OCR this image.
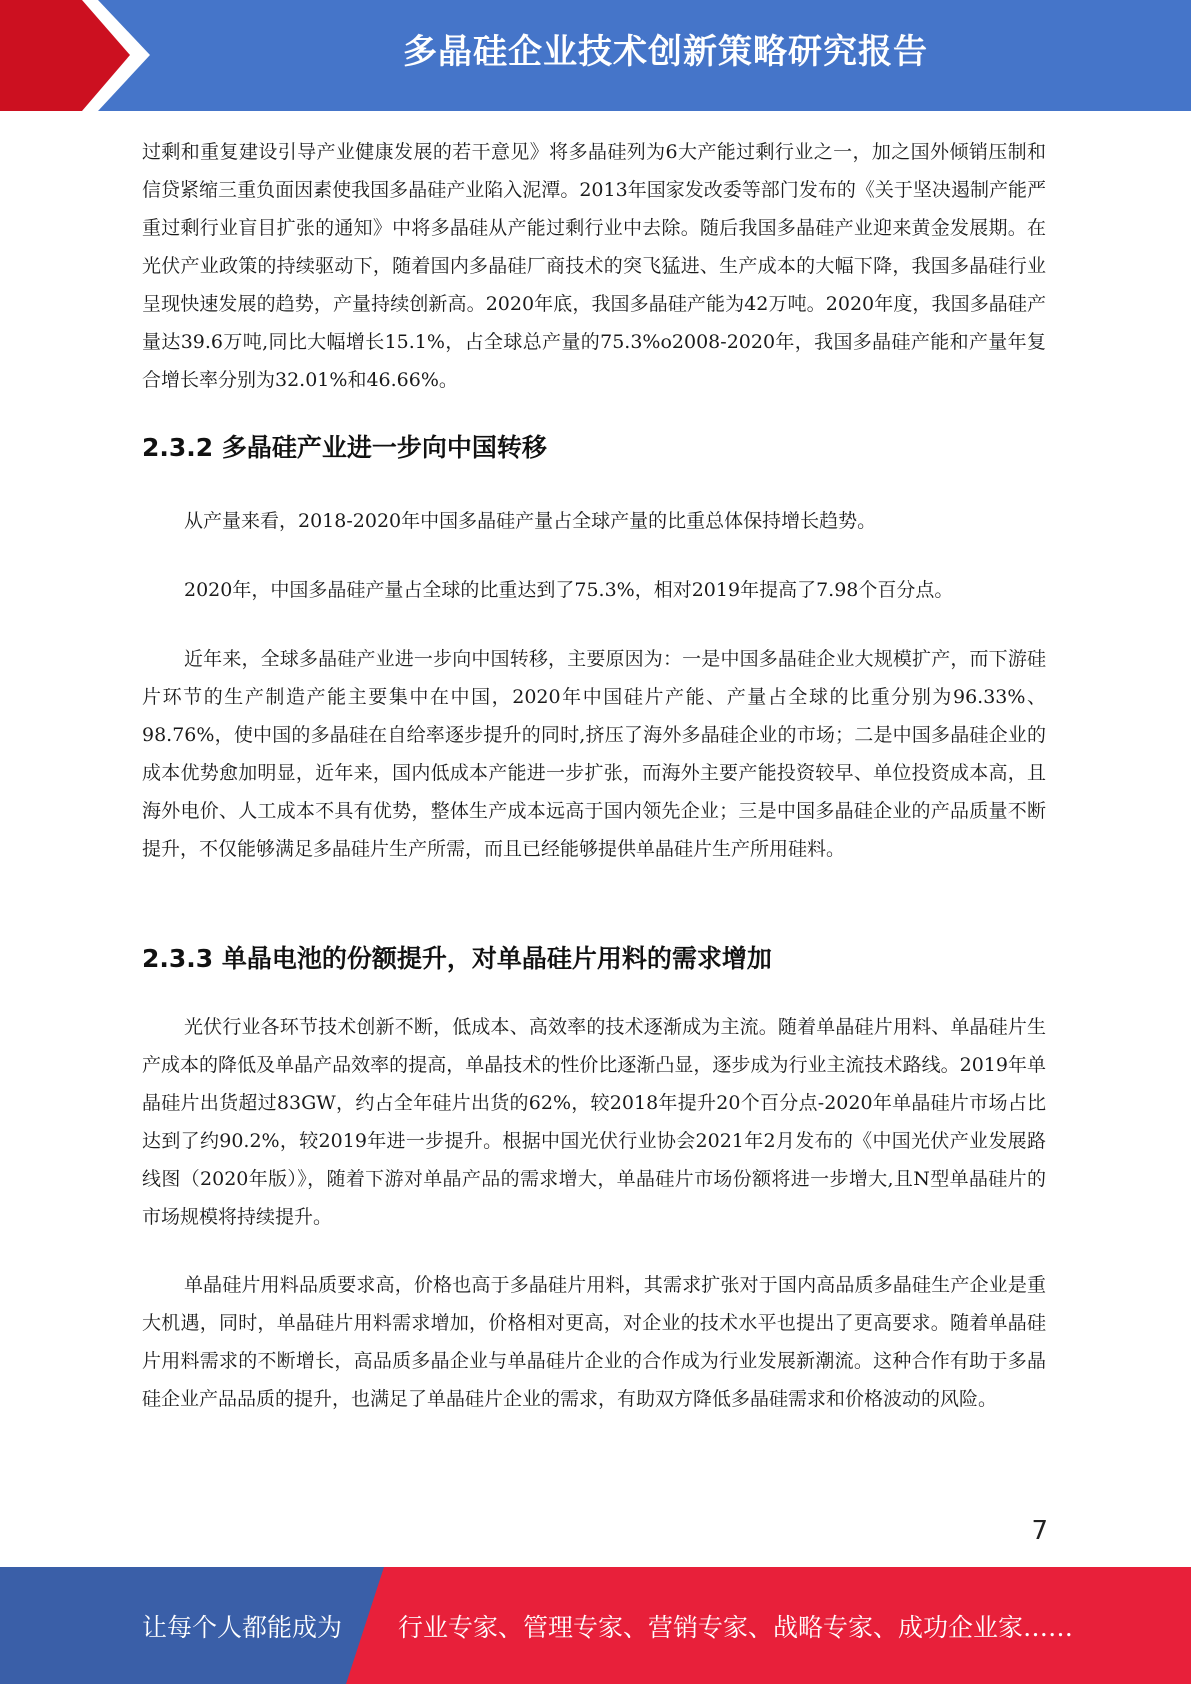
多晶硅企业技术创新策略研究报告

过剩和重复建设引导产业健康发展的若干意见》将多晶硅列为6大产能过剩行业之一，加之国外倾销压制和信贷紧缩三重负面因素使我国多晶硅产业陷入泥潭。2013年国家发改委等部门发布的《关于坚决遏制产能严重过剩行业盲目扩张的通知》中将多晶硅从产能过剩行业中去除。随后我国多晶硅产业迎来黄金发展期。在光伏产业政策的持续驱动下，随着国内多晶硅厂商技术的突飞猛进、生产成本的大幅下降，我国多晶硅行业呈现快速发展的趋势，产量持续创新高。2020年底，我国多晶硅产能为42万吨。2020年度，我国多晶硅产量达39.6万吨,同比大幅增长15.1%，占全球总产量的75.3%o2008-2020年，我国多晶硅产能和产量年复合增长率分别为32.01%和46.66%。

2.3.2 多晶硅产业进一步向中国转移

从产量来看，2018-2020年中国多晶硅产量占全球产量的比重总体保持增长趋势。

2020年，中国多晶硅产量占全球的比重达到了75.3%，相对2019年提高了7.98个百分点。

近年来，全球多晶硅产业进一步向中国转移，主要原因为：一是中国多晶硅企业大规模扩产，而下游硅片环节的生产制造产能主要集中在中国，2020年中国硅片产能、产量占全球的比重分别为96.33%、98.76%，使中国的多晶硅在自给率逐步提升的同时,挤压了海外多晶硅企业的市场；二是中国多晶硅企业的成本优势愈加明显，近年来，国内低成本产能进一步扩张，而海外主要产能投资较早、单位投资成本高，且海外电价、人工成本不具有优势，整体生产成本远高于国内领先企业；三是中国多晶硅企业的产品质量不断提升，不仅能够满足多晶硅片生产所需，而且已经能够提供单晶硅片生产所用硅料。

2.3.3 单晶电池的份额提升，对单晶硅片用料的需求增加

光伏行业各环节技术创新不断，低成本、高效率的技术逐渐成为主流。随着单晶硅片用料、单晶硅片生产成本的降低及单晶产品效率的提高，单晶技术的性价比逐渐凸显，逐步成为行业主流技术路线。2019年单晶硅片出货超过83GW，约占全年硅片出货的62%，较2018年提升20个百分点-2020年单晶硅片市场占比达到了约90.2%，较2019年进一步提升。根据中国光伏行业协会2021年2月发布的《中国光伏产业发展路线图（2020年版）》，随着下游对单晶产品的需求增大，单晶硅片市场份额将进一步增大,且N型单晶硅片的市场规模将持续提升。

单晶硅片用料品质要求高，价格也高于多晶硅片用料，其需求扩张对于国内高品质多晶硅生产企业是重大机遇，同时，单晶硅片用料需求增加，价格相对更高，对企业的技术水平也提出了更高要求。随着单晶硅片用料需求的不断增长，高品质多晶企业与单晶硅片企业的合作成为行业发展新潮流。这种合作有助于多晶硅企业产品品质的提升，也满足了单晶硅片企业的需求，有助双方降低多晶硅需求和价格波动的风险。

7
让每个人都能成为 行业专家、管理专家、营销专家、战略专家、成功企业家……
